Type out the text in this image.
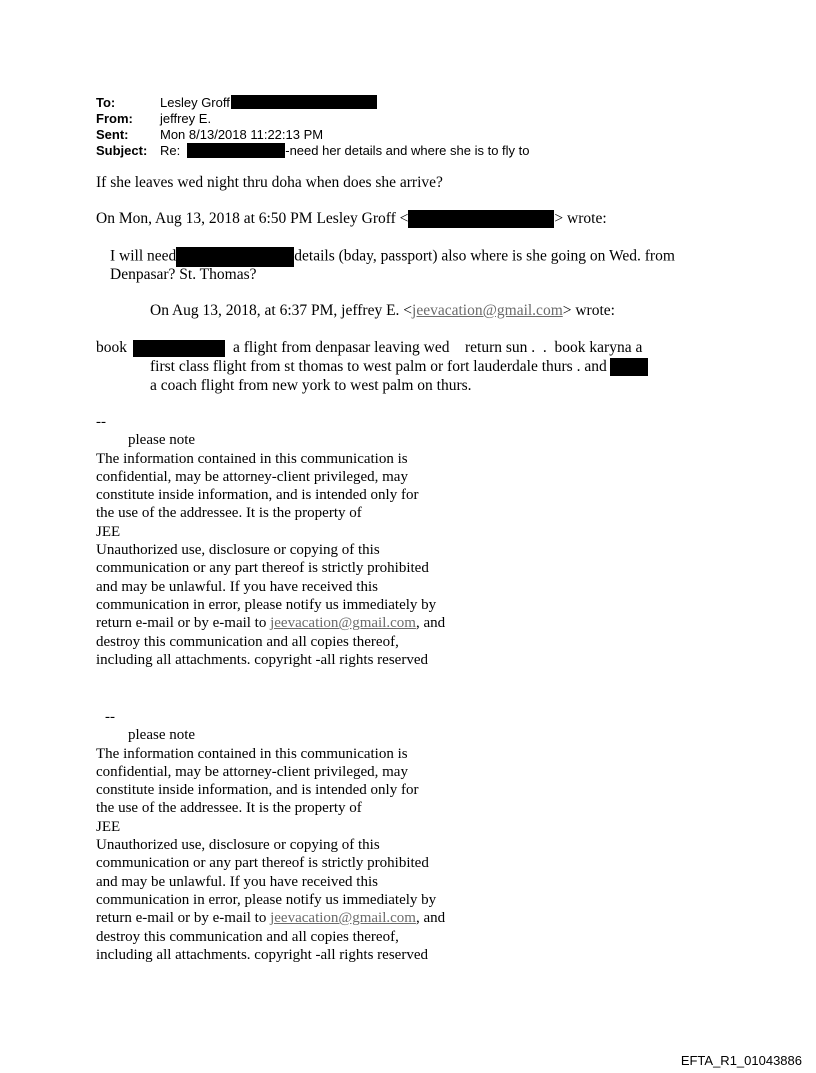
To:	Lesley Groff
From:	jeffrey E.
Sent:	Mon 8/13/2018 11:22:13 PM
Subject: Re:	-need her details and where she is to fly to
If she leaves wed night thru doha when does she arrive?
On Mon, Aug 13, 2018 at 6:50 PM Lesley Groff <	> wrote:
I will need	details (bday, passport) also where is she going on Wed. from
Denpasar? St. Thomas?
On Aug 13, 2018, at 6:37 PM, jeffrey E. <jeevacation@gmail.com> wrote:
book	a flight from denpasar leaving wed    return sun .  .  book karyna a
first class flight from st thomas to west palm or fort lauderdale thurs . and
a coach flight from new york to west palm on thurs.
--
please note
The information contained in this communication is
confidential, may be attorney-client privileged, may
constitute inside information, and is intended only for
the use of the addressee. It is the property of
JEE
Unauthorized use, disclosure or copying of this
communication or any part thereof is strictly prohibited
and may be unlawful. If you have received this
communication in error, please notify us immediately by
return e-mail or by e-mail to jeevacation@gmail.com, and
destroy this communication and all copies thereof,
including all attachments. copyright -all rights reserved
--
please note
The information contained in this communication is
confidential, may be attorney-client privileged, may
constitute inside information, and is intended only for
the use of the addressee. It is the property of
JEE
Unauthorized use, disclosure or copying of this
communication or any part thereof is strictly prohibited
and may be unlawful. If you have received this
communication in error, please notify us immediately by
return e-mail or by e-mail to jeevacation@gmail.com, and
destroy this communication and all copies thereof,
including all attachments. copyright -all rights reserved
EFTA_R1_01043886
